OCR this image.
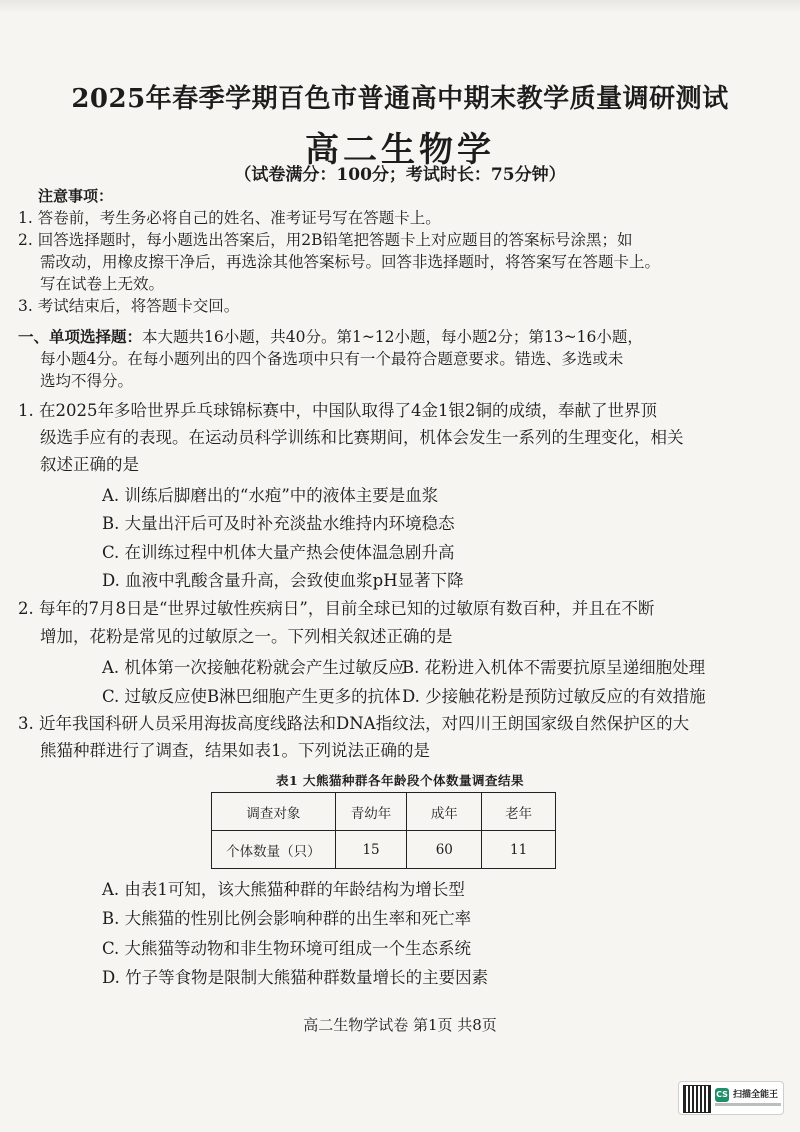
2025年春季学期百色市普通高中期末教学质量调研测试
高二生物学
（试卷满分：100分；考试时长：75分钟）
注意事项：
1. 答卷前，考生务必将自己的姓名、准考证号写在答题卡上。
2. 回答选择题时，每小题选出答案后，用2B铅笔把答题卡上对应题目的答案标号涂黑；如
需改动，用橡皮擦干净后，再选涂其他答案标号。回答非选择题时，将答案写在答题卡上。
写在试卷上无效。
3. 考试结束后，将答题卡交回。
一、单项选择题：本大题共16小题，共40分。第1~12小题，每小题2分；第13~16小题，
每小题4分。在每小题列出的四个备选项中只有一个最符合题意要求。错选、多选或未
选均不得分。
1. 在2025年多哈世界乒乓球锦标赛中，中国队取得了4金1银2铜的成绩，奉献了世界顶
级选手应有的表现。在运动员科学训练和比赛期间，机体会发生一系列的生理变化，相关
叙述正确的是
A. 训练后脚磨出的“水疱”中的液体主要是血浆
B. 大量出汗后可及时补充淡盐水维持内环境稳态
C. 在训练过程中机体大量产热会使体温急剧升高
D. 血液中乳酸含量升高，会致使血浆pH显著下降
2. 每年的7月8日是“世界过敏性疾病日”，目前全球已知的过敏原有数百种，并且在不断
增加，花粉是常见的过敏原之一。下列相关叙述正确的是
A. 机体第一次接触花粉就会产生过敏反应
B. 花粉进入机体不需要抗原呈递细胞处理
C. 过敏反应使B淋巴细胞产生更多的抗体 D. 少接触花粉是预防过敏反应的有效措施
3. 近年我国科研人员采用海拔高度线路法和DNA指纹法，对四川王朗国家级自然保护区的大
熊猫种群进行了调查，结果如表1。下列说法正确的是
表1 大熊猫种群各年龄段个体数量调查结果
调查对象	青幼年	成年	老年
个体数量（只）	15	60	11
A. 由表1可知，该大熊猫种群的年龄结构为增长型
B. 大熊猫的性别比例会影响种群的出生率和死亡率
C. 大熊猫等动物和非生物环境可组成一个生态系统
D. 竹子等食物是限制大熊猫种群数量增长的主要因素
高二生物学试卷 第1页 共8页
CS 扫描全能王
